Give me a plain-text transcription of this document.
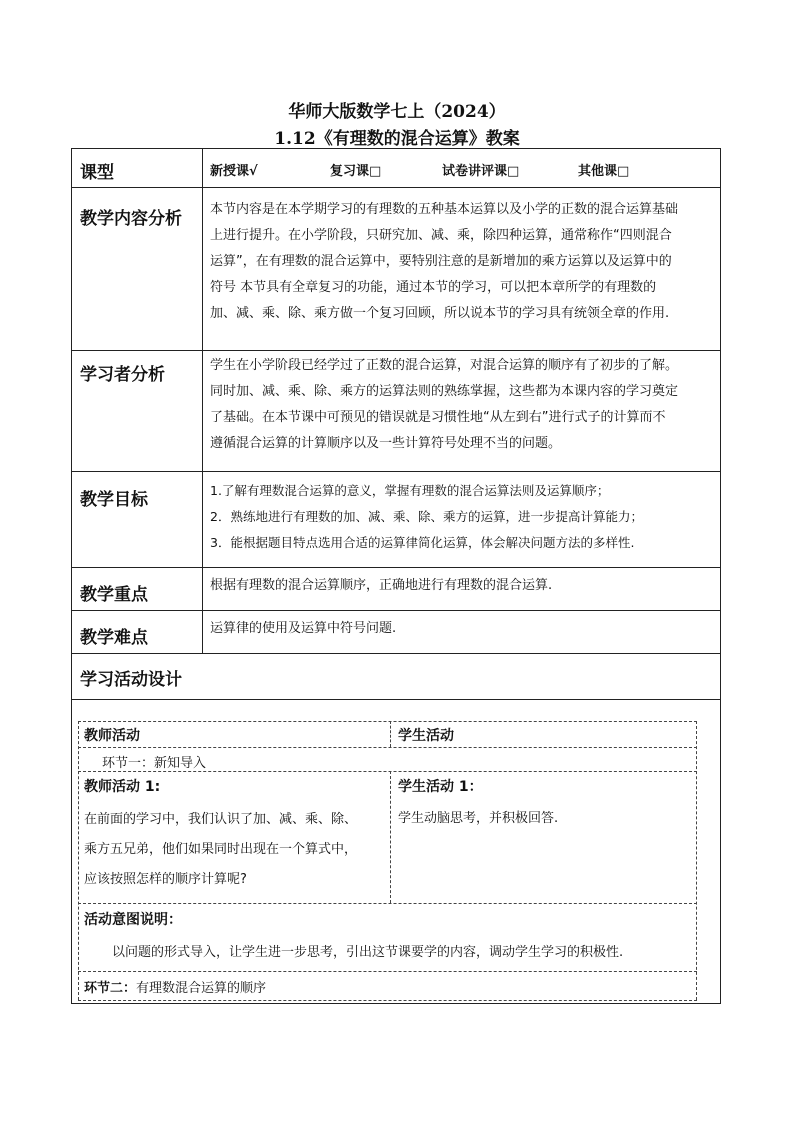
华师大版数学七上（2024）
1.12《有理数的混合运算》教案
课型	新授课√	复习课□	试卷讲评课□	其他课□
教学内容分析 本节内容是在本学期学习的有理数的五种基本运算以及小学的正数的混合运算基础
上进行提升。在小学阶段，只研究加、减、乘，除四种运算，通常称作“四则混合
运算”，在有理数的混合运算中，要特别注意的是新增加的乘方运算以及运算中的
符号 本节具有全章复习的功能，通过本节的学习，可以把本章所学的有理数的
加、减、乘、除、乘方做一个复习回顾，所以说本节的学习具有统领全章的作用.
学习者分析	学生在小学阶段已经学过了正数的混合运算，对混合运算的顺序有了初步的了解。
同时加、减、乘、除、乘方的运算法则的熟练掌握，这些都为本课内容的学习奠定
了基础。在本节课中可预见的错误就是习惯性地“从左到右”进行式子的计算而不
遵循混合运算的计算顺序以及一些计算符号处理不当的问题。
教学目标	1.了解有理数混合运算的意义，掌握有理数的混合运算法则及运算顺序；
2．熟练地进行有理数的加、减、乘、除、乘方的运算，进一步提高计算能力；
3．能根据题目特点选用合适的运算律简化运算，体会解决问题方法的多样性.
教学重点	根据有理数的混合运算顺序，正确地进行有理数的混合运算.
教学难点	运算律的使用及运算中符号问题.
学习活动设计
教师活动	学生活动
环节一：新知导入
教师活动 1:
在前面的学习中，我们认识了加、减、乘、除、
乘方五兄弟，他们如果同时出现在一个算式中，
应该按照怎样的顺序计算呢?
学生活动 1：
学生动脑思考，并积极回答.
活动意图说明：
以问题的形式导入，让学生进一步思考，引出这节课要学的内容，调动学生学习的积极性.
环节二：有理数混合运算的顺序
